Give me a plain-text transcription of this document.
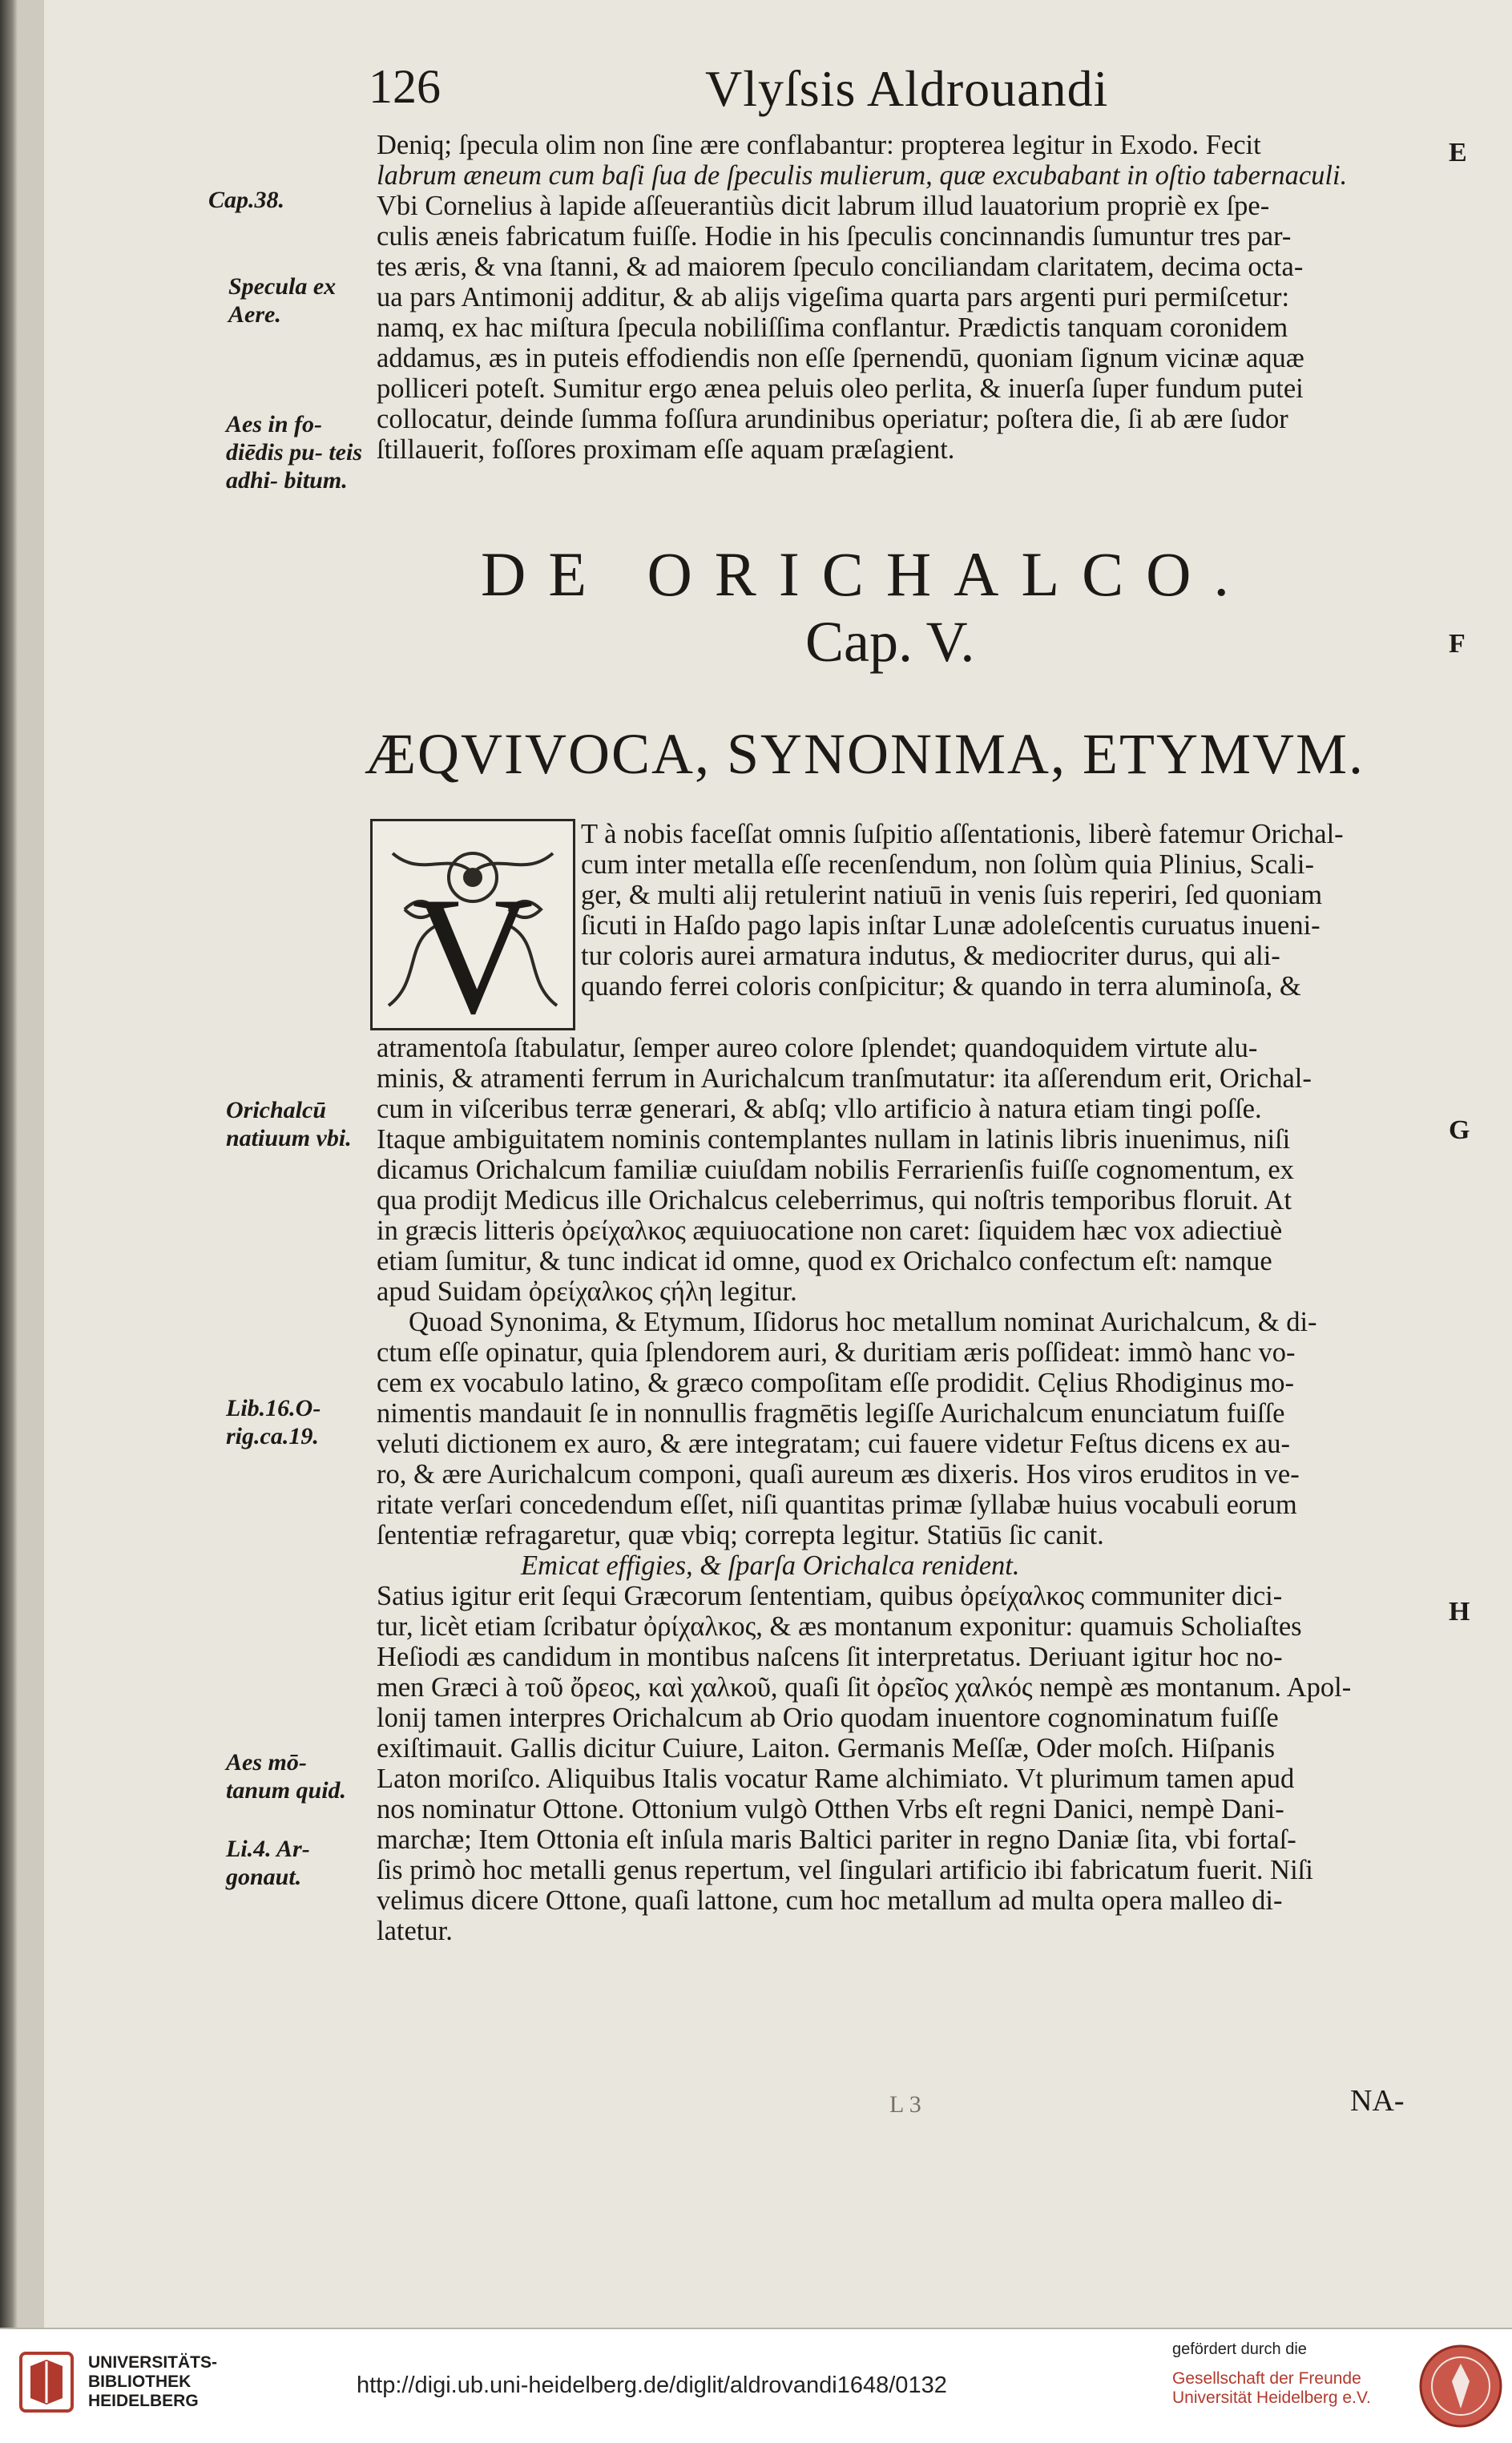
126	Vlyſsis Aldrouandi
E

Deniq; ſpecula olim non ſine ære conflabantur: propterea legitur in Exodo. Fecit

labrum æneum cum baſi ſua de ſpeculis mulierum, quæ excubabant in oſtio tabernaculi.

Vbi Cornelius à lapide aſſeuerantiùs dicit labrum illud lauatorium propriè ex ſpe-

culis æneis fabricatum fuiſſe. Hodie in his ſpeculis concinnandis ſumuntur tres par-

tes æris, & vna ſtanni, & ad maiorem ſpeculo conciliandam claritatem, decima octa-

ua pars Antimonij additur, & ab alijs vigeſima quarta pars argenti puri permiſcetur:

namq, ex hac miſtura ſpecula nobiliſſima conflantur. Prædictis tanquam coronidem

addamus, æs in puteis effodiendis non eſſe ſpernendū, quoniam ſignum vicinæ aquæ

polliceri poteſt. Sumitur ergo ænea peluis oleo perlita, & inuerſa ſuper fundum putei

collocatur, deinde ſumma foſſura arundinibus operiatur; poſtera die, ſi ab ære ſudor

ſtillauerit, foſſores proximam eſſe aquam præſagient.

Cap.38.
Specula ex Aere.
Aes in fo- diēdis pu- teis adhi- bitum.
DE ORICHALCO.
Cap. V.	F
ÆQVIVOCA, SYNONIMA, ETYMVM.
V

T à nobis faceſſat omnis ſuſpitio aſſentationis, liberè fatemur Orichal-

cum inter metalla eſſe recenſendum, non ſolùm quia Plinius, Scali-

ger, & multi alij retulerint natiuū in venis ſuis reperiri, ſed quoniam

ſicuti in Haſdo pago lapis inſtar Lunæ adoleſcentis curuatus inueni-

tur coloris aurei armatura indutus, & mediocriter durus, qui ali-

quando ferrei coloris conſpicitur; & quando in terra aluminoſa, &

atramentoſa ſtabulatur, ſemper aureo colore ſplendet; quandoquidem virtute alu-

minis, & atramenti ferrum in Aurichalcum tranſmutatur: ita aſſerendum erit, Orichal-

cum in viſceribus terræ generari, & abſq; vllo artificio à natura etiam tingi poſſe.

Itaque ambiguitatem nominis contemplantes nullam in latinis libris inuenimus, niſi

dicamus Orichalcum familiæ cuiuſdam nobilis Ferrarienſis fuiſſe cognomentum, ex

qua prodijt Medicus ille Orichalcus celeberrimus, qui noſtris temporibus floruit. At

in græcis litteris ὀρείχαλκος æquiuocatione non caret: ſiquidem hæc vox adiectiuè

etiam ſumitur, & tunc indicat id omne, quod ex Orichalco confectum eſt: namque

apud Suidam ὀρείχαλκος ςήλη legitur.

Quoad Synonima, & Etymum, Iſidorus hoc metallum nominat Aurichalcum, & di-

ctum eſſe opinatur, quia ſplendorem auri, & duritiam æris poſſideat: immò hanc vo-

cem ex vocabulo latino, & græco compoſitam eſſe prodidit. Cęlius Rhodiginus mo-

nimentis mandauit ſe in nonnullis fragmētis legiſſe Aurichalcum enunciatum fuiſſe

veluti dictionem ex auro, & ære integratam; cui fauere videtur Feſtus dicens ex au-

ro, & ære Aurichalcum componi, quaſi aureum æs dixeris. Hos viros eruditos in ve-

ritate verſari concedendum eſſet, niſi quantitas primæ ſyllabæ huius vocabuli eorum

ſententiæ refragaretur, quæ vbiq; correpta legitur. Statiūs ſic canit.

Emicat effigies, & ſparſa Orichalca renident.

Satius igitur erit ſequi Græcorum ſententiam, quibus ὀρείχαλκος communiter dici-

tur, licèt etiam ſcribatur ὀρίχαλκος, & æs montanum exponitur: quamuis Scholiaſtes

Heſiodi æs candidum in montibus naſcens ſit interpretatus. Deriuant igitur hoc no-

men Græci à τοῦ ὄρεος, καὶ χαλκοῦ, quaſi ſit ὀρεῖος χαλκός nempè æs montanum. Apol-

lonij tamen interpres Orichalcum ab Orio quodam inuentore cognominatum fuiſſe

exiſtimauit. Gallis dicitur Cuiure, Laiton. Germanis Meſſæ, Oder moſch. Hiſpanis

Laton moriſco. Aliquibus Italis vocatur Rame alchimiato. Vt plurimum tamen apud

nos nominatur Ottone. Ottonium vulgò Otthen Vrbs eſt regni Danici, nempè Dani-

marchæ; Item Ottonia eſt inſula maris Baltici pariter in regno Daniæ ſita, vbi fortaſ-

ſis primò hoc metalli genus repertum, vel ſingulari artificio ibi fabricatum fuerit. Niſi

velimus dicere Ottone, quaſi lattone, cum hoc metallum ad multa opera malleo di-

latetur.

G
H
Orichalcū natiuum vbi.
Lib.16.O- rig.ca.19.
Aes mō- tanum quid.
Li.4. Ar- gonaut.
L 3	NA-
UNIVERSITÄTS- BIBLIOTHEK HEIDELBERG
http://digi.ub.uni-heidelberg.de/diglit/aldrovandi1648/0132
gefördert durch die
Gesellschaft der Freunde Universität Heidelberg e.V.
